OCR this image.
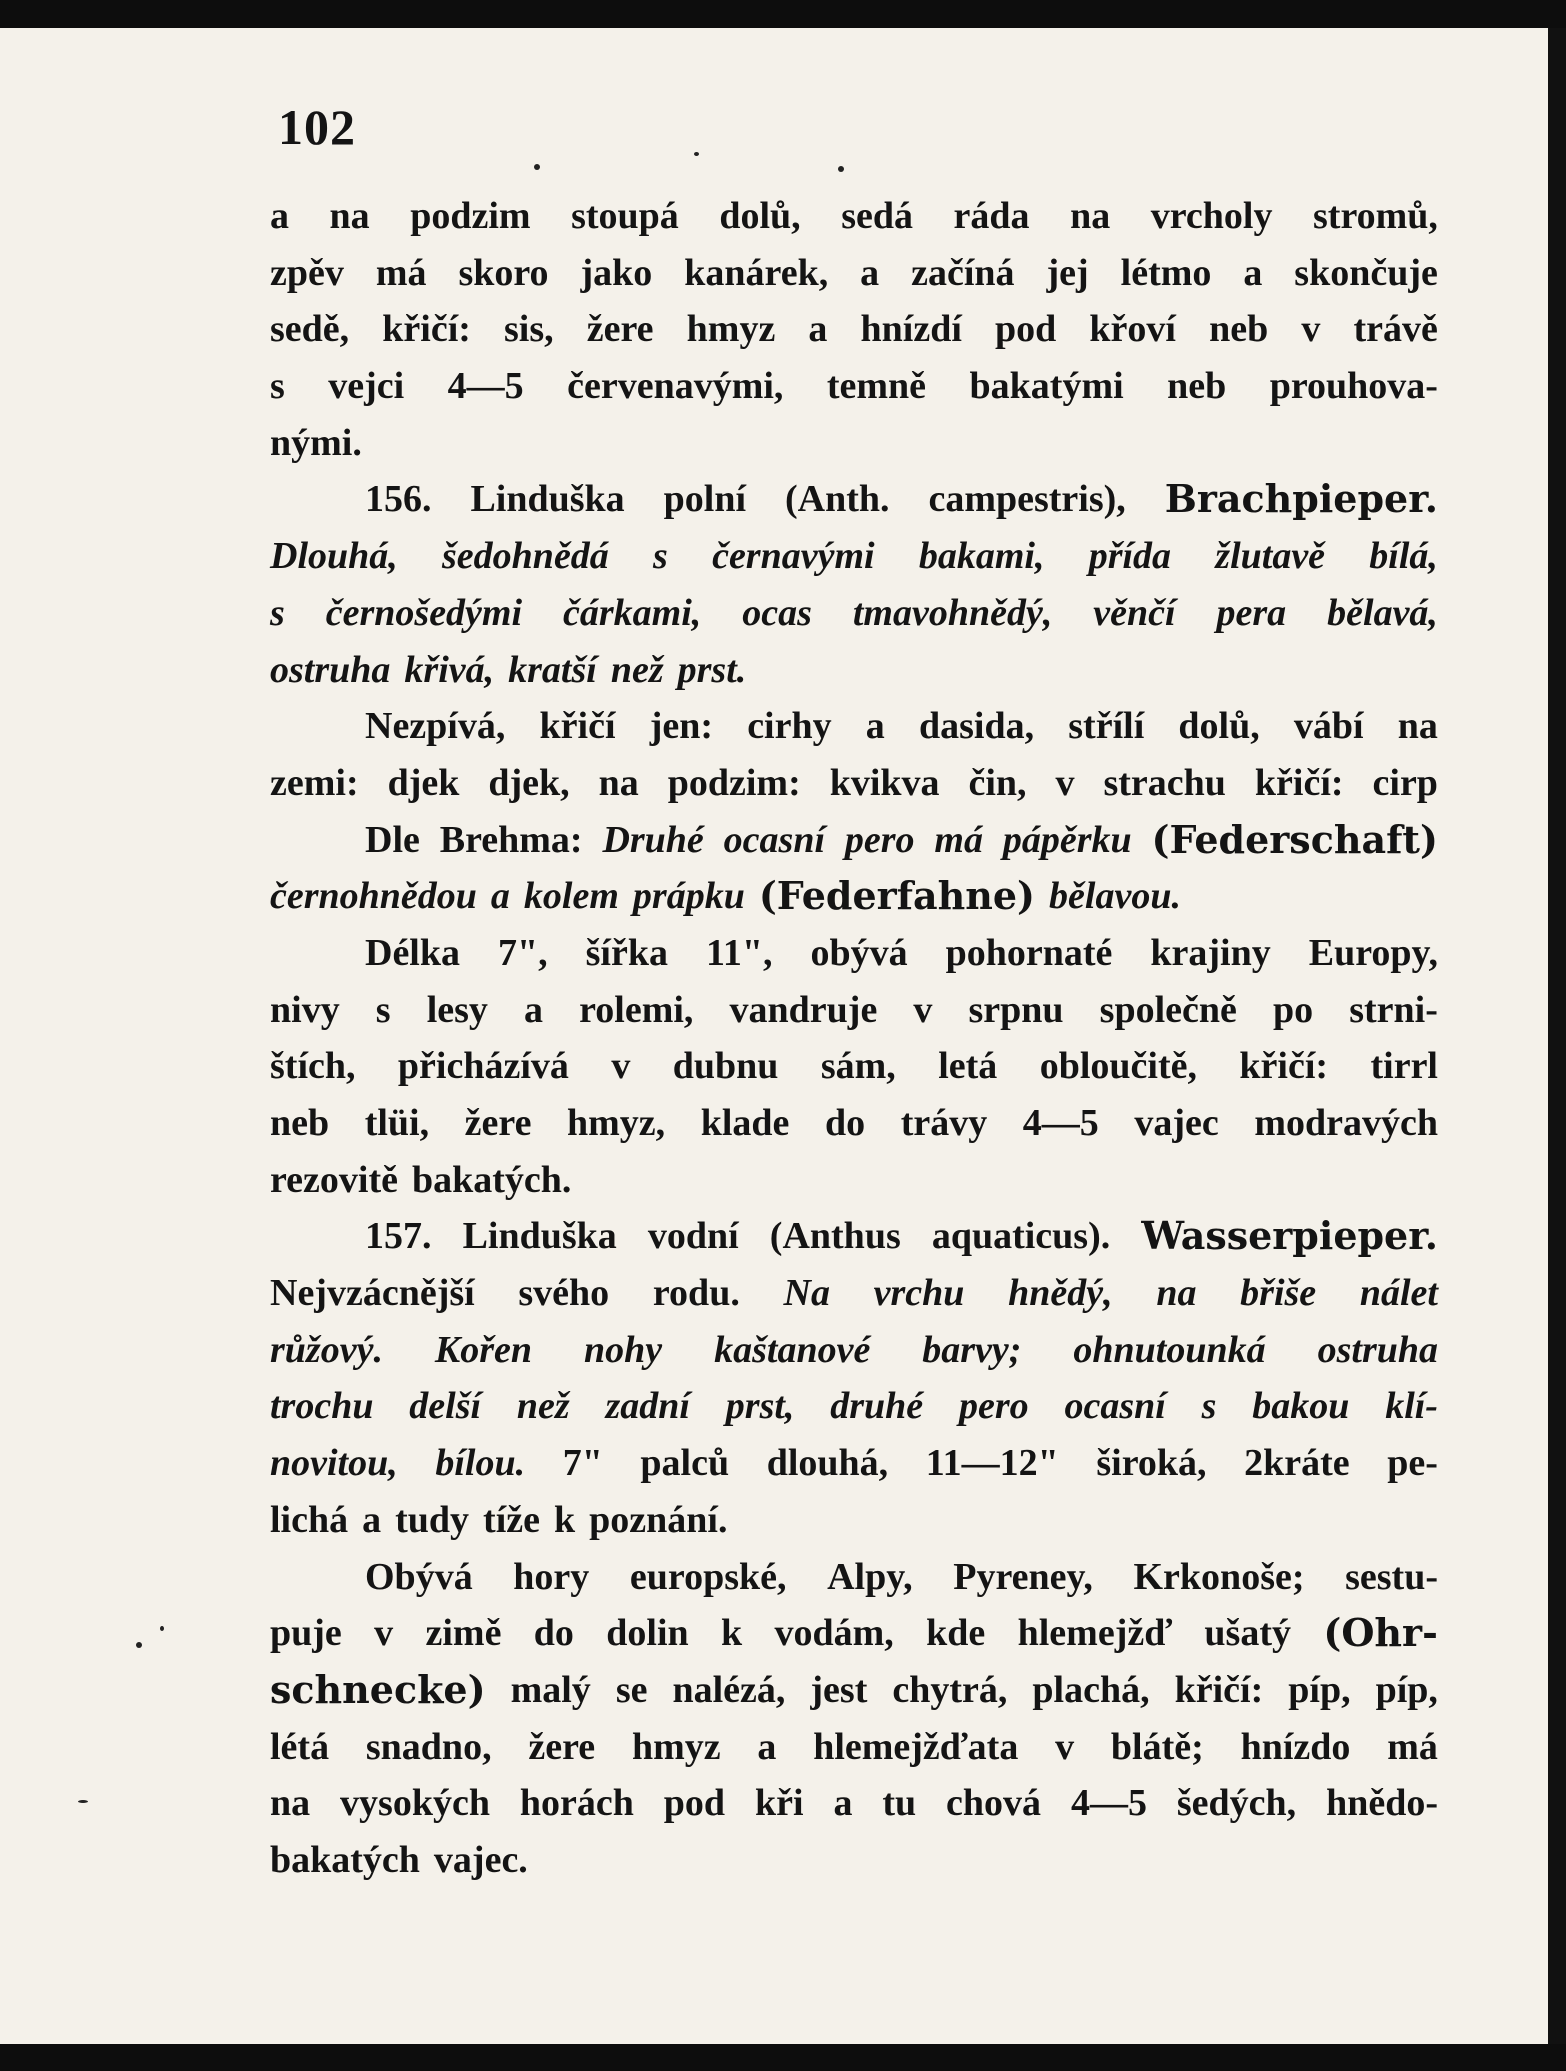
102
a na podzim stoupá dolů, sedá ráda na vrcholy stromů,
zpěv má skoro jako kanárek, a začíná jej létmo a skončuje
sedě, křičí: sis, žere hmyz a hnízdí pod křoví neb v trávě
s vejci 4—5 červenavými, temně bakatými neb prouhova-
nými.
156. Linduška polní (Anth. campestris), Brachpieper.
Dlouhá, šedohnědá s černavými bakami, přída žlutavě bílá,
s černošedými čárkami, ocas tmavohnědý, věnčí pera bělavá,
ostruha křivá, kratší než prst.
Nezpívá, křičí jen: cirhy a dasida, střílí dolů, vábí na
zemi: djek djek, na podzim: kvikva čin, v strachu křičí: cirp
Dle Brehma: Druhé ocasní pero má pápěrku (Federschaft)
černohnědou a kolem prápku (Federfahne) bělavou.
Délka 7", šířka 11", obývá pohornaté krajiny Europy,
nivy s lesy a rolemi, vandruje v srpnu společně po strni-
štích, přicházívá v dubnu sám, letá obloučitě, křičí: tirrl
neb tlüi, žere hmyz, klade do trávy 4—5 vajec modravých
rezovitě bakatých.
157. Linduška vodní (Anthus aquaticus). Wasserpieper.
Nejvzácnější svého rodu. Na vrchu hnědý, na břiše nálet
růžový. Kořen nohy kaštanové barvy; ohnutounká ostruha
trochu delší než zadní prst, druhé pero ocasní s bakou klí-
novitou, bílou. 7" palců dlouhá, 11—12" široká, 2kráte pe-
lichá a tudy tíže k poznání.
Obývá hory europské, Alpy, Pyreney, Krkonoše; sestu-
puje v zimě do dolin k vodám, kde hlemejžď ušatý (Ohr-
schnecke) malý se nalézá, jest chytrá, plachá, křičí: píp, píp,
létá snadno, žere hmyz a hlemejžďata v blátě; hnízdo má
na vysokých horách pod kři a tu chová 4—5 šedých, hnědo-
bakatých vajec.
